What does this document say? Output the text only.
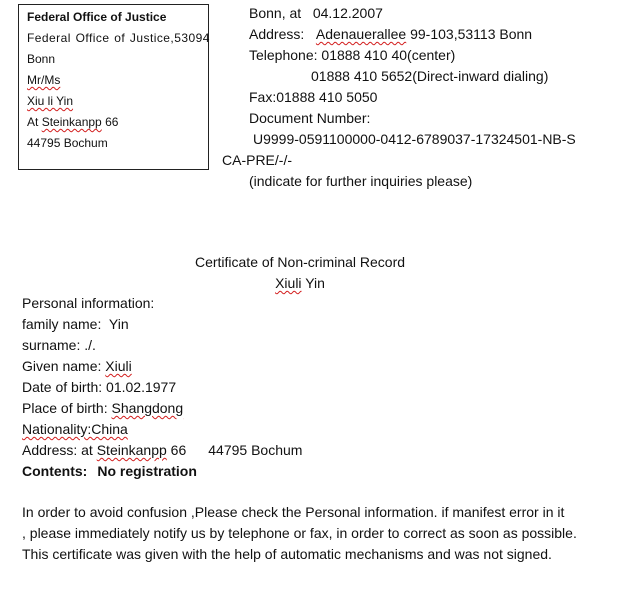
Federal Office of Justice
Federal Office of Justice,53094
Bonn
Mr/Ms
Xiu li Yin
At Steinkanpp 66
44795 Bochum
Bonn, at 04.12.2007
Address: Adenauerallee 99-103,53113 Bonn
Telephone: 01888 410 40(center)
01888 410 5652(Direct-inward dialing)
Fax:01888 410 5050
Document Number:
U9999-0591100000-0412-6789037-17324501-NB-S
CA-PRE/-/-
(indicate for further inquiries please)
Certificate of Non-criminal Record
Xiuli Yin
Personal information:
family name: Yin
surname: ./.
Given name: Xiuli
Date of birth: 01.02.1977
Place of birth: Shangdong
Nationality:China
Address: at Steinkanpp 66 44795 Bochum
Contents: No registration
In order to avoid confusion ,Please check the Personal information. if manifest error in it
, please immediately notify us by telephone or fax, in order to correct as soon as possible.
This certificate was given with the help of automatic mechanisms and was not signed.
